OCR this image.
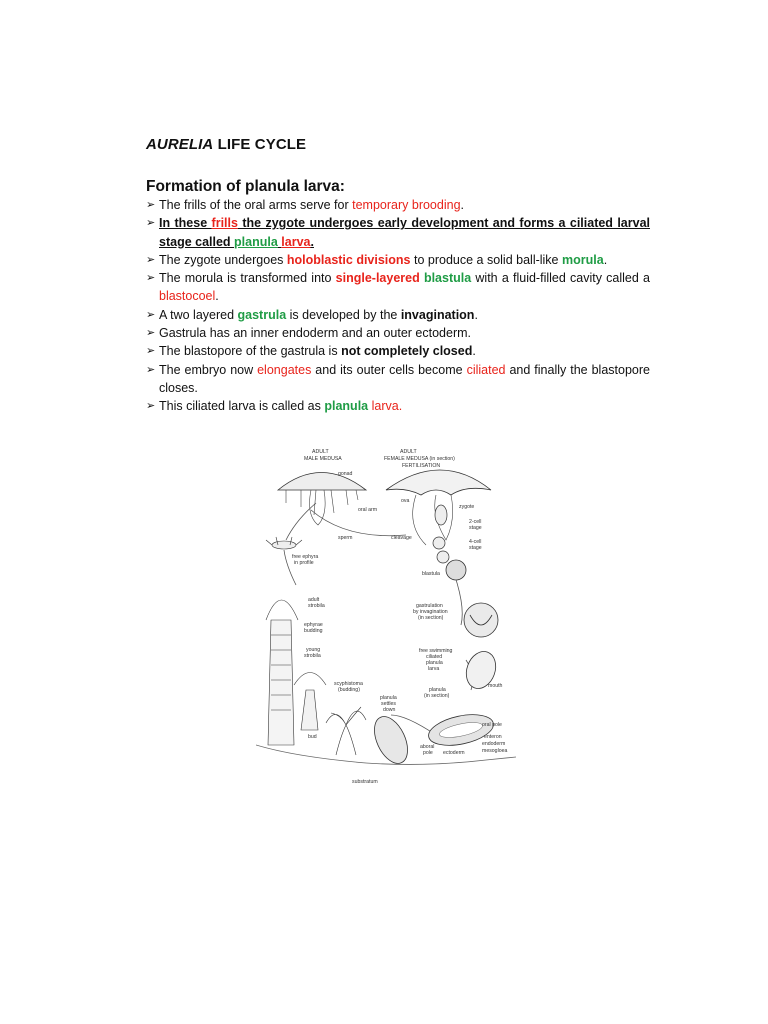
AURELIA LIFE CYCLE
Formation of planula larva:
➢ The frills of the oral arms serve for temporary brooding.
➢ In these frills the zygote undergoes early development and forms a ciliated larval stage called planula larva.
➢ The zygote undergoes holoblastic divisions to produce a solid ball-like morula.
➢ The morula is transformed into single-layered blastula with a fluid-filled cavity called a blastocoel.
➢ A two layered gastrula is developed by the invagination.
➢ Gastrula has an inner endoderm and an outer ectoderm.
➢ The blastopore of the gastrula is not completely closed.
➢ The embryo now elongates and its outer cells become ciliated and finally the blastopore closes.
➢ This ciliated larva is called as planula larva.
ADULT
MALE MEDUSA
ADULT
FEMALE MEDUSA (in section)
FERTILISATION
gonad
ova
oral arm	zygote
sperm	cleavage
2-cell
stage
4-cell
stage
free ephyra
in profile
blastula
adult
strobila	gastrulation
by invagination
(in section)
ephyrae
budding
young
strobila
free swimming
ciliated
planula
larva
scyphistoma
(budding)	planula
(in section)
mouth
planula
settles
down
oral pole
bud	enteron
endoderm
aboral
pole ectoderm	mesogloea
substratum
